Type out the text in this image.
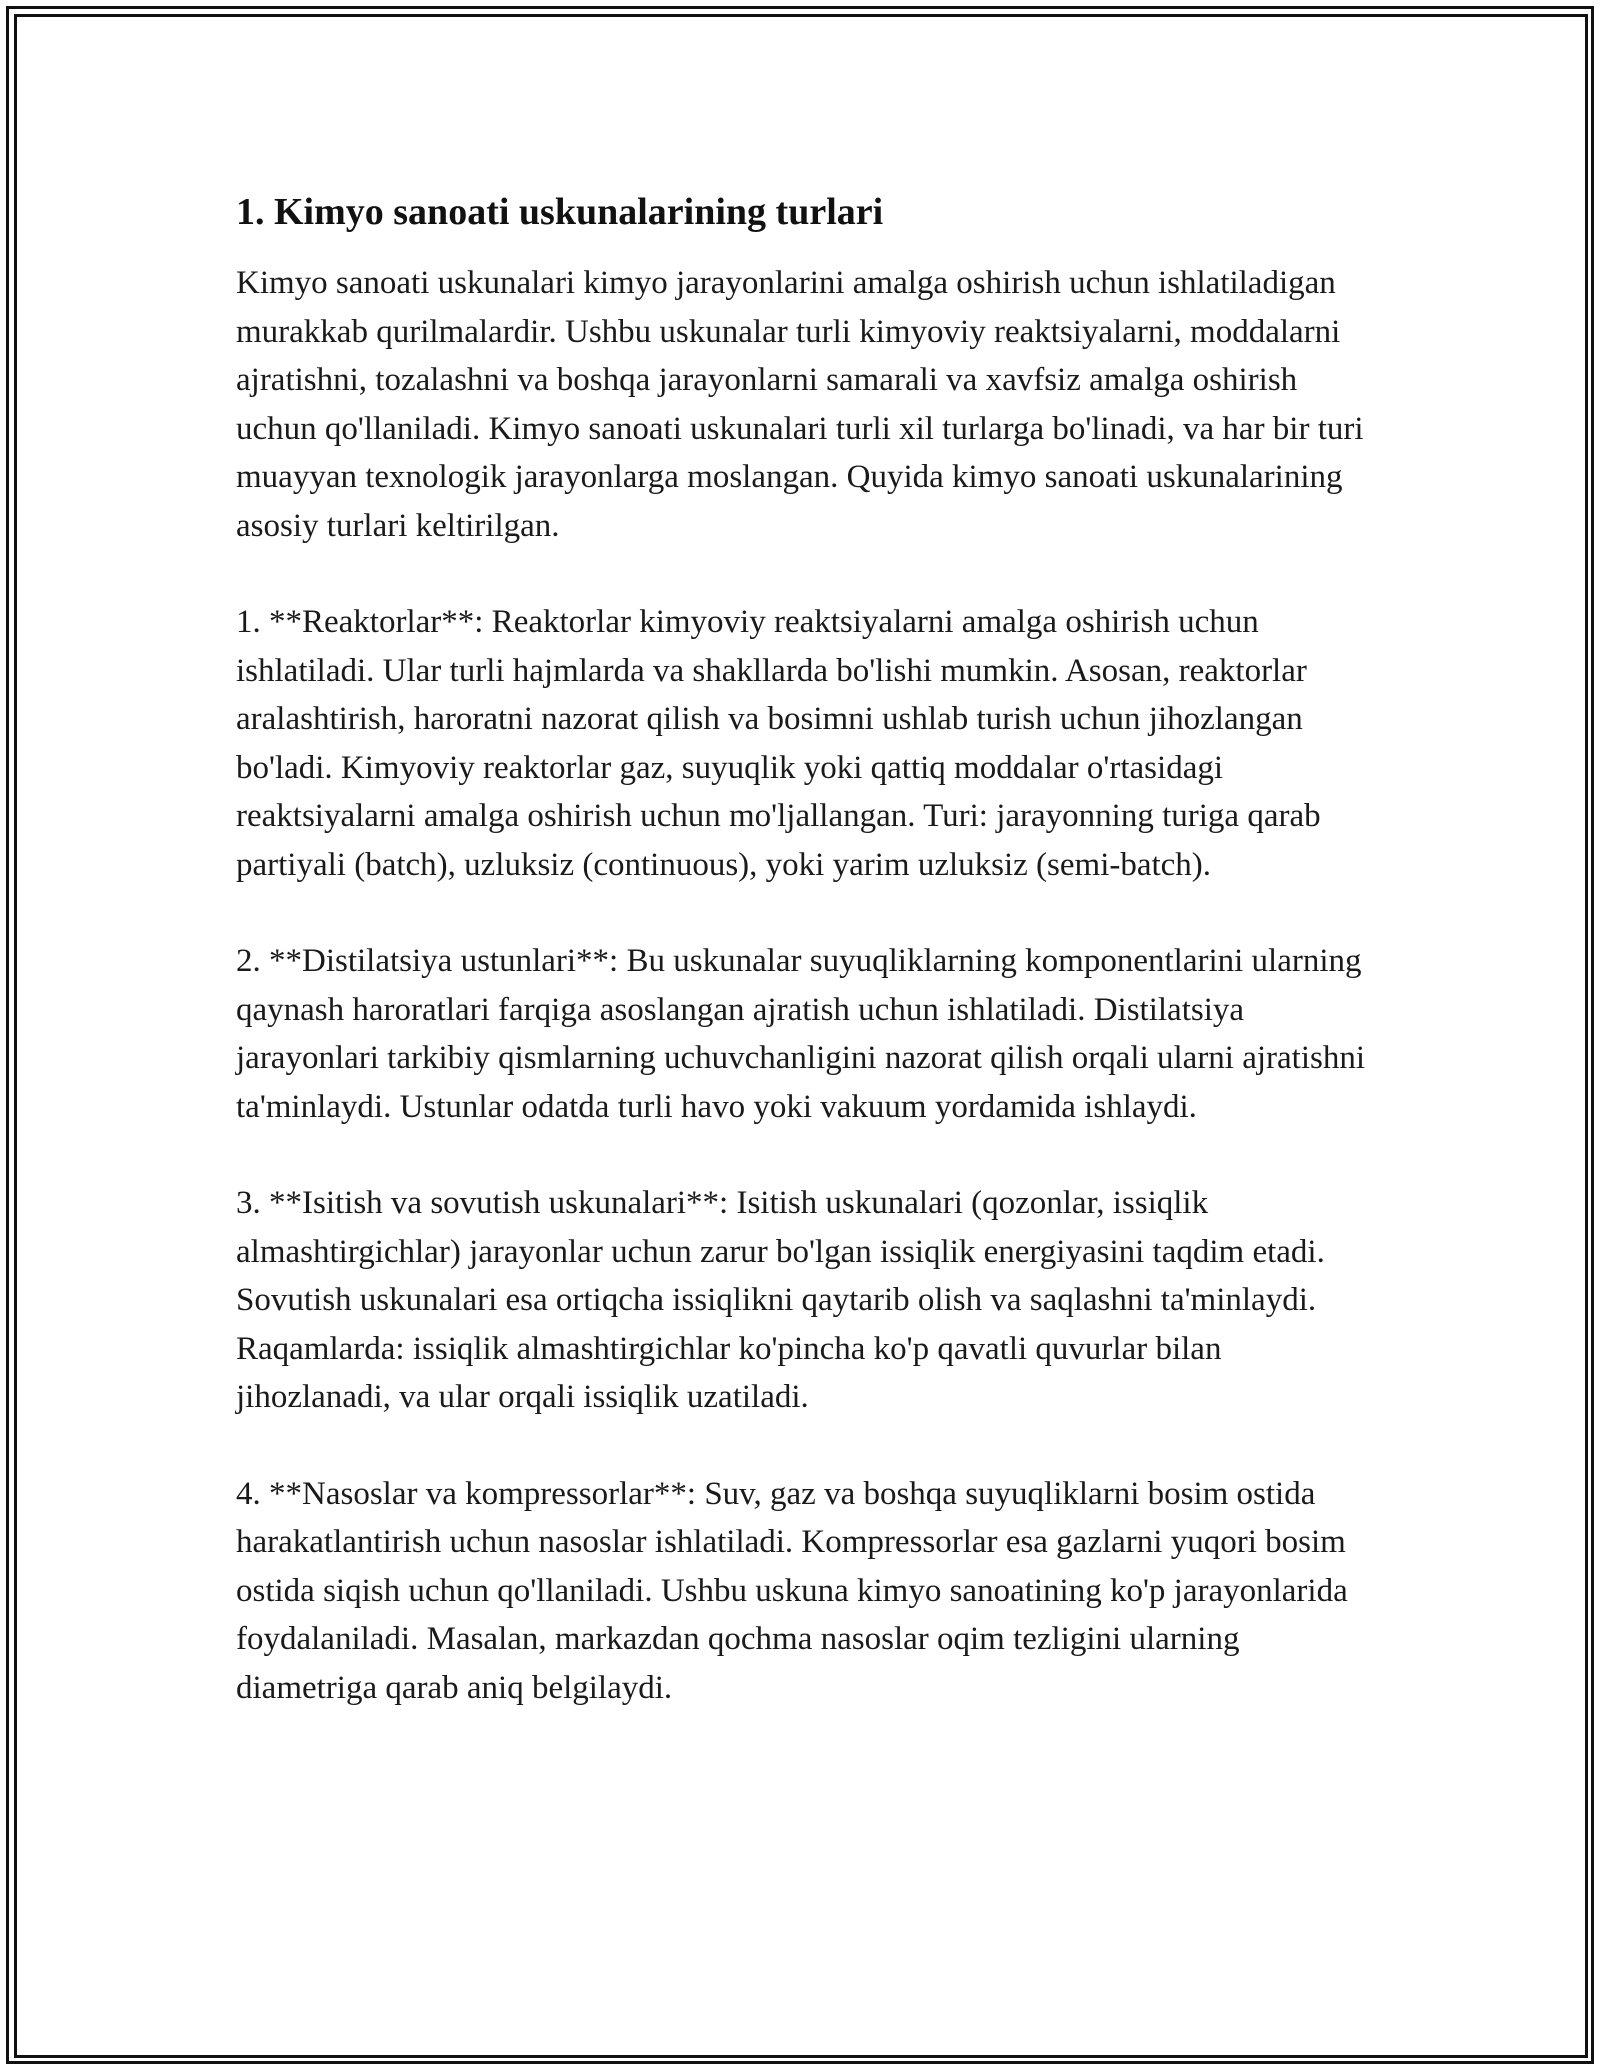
1. Kimyo sanoati uskunalarining turlari

Kimyo sanoati uskunalari kimyo jarayonlarini amalga oshirish uchun ishlatiladigan murakkab qurilmalardir. Ushbu uskunalar turli kimyoviy reaktsiyalarni, moddalarni ajratishni, tozalashni va boshqa jarayonlarni samarali va xavfsiz amalga oshirish uchun qo'llaniladi. Kimyo sanoati uskunalari turli xil turlarga bo'linadi, va har bir turi muayyan texnologik jarayonlarga moslangan. Quyida kimyo sanoati uskunalarining asosiy turlari keltirilgan.

1. **Reaktorlar**: Reaktorlar kimyoviy reaktsiyalarni amalga oshirish uchun ishlatiladi. Ular turli hajmlarda va shakllarda bo'lishi mumkin. Asosan, reaktorlar aralashtirish, haroratni nazorat qilish va bosimni ushlab turish uchun jihozlangan bo'ladi. Kimyoviy reaktorlar gaz, suyuqlik yoki qattiq moddalar o'rtasidagi reaktsiyalarni amalga oshirish uchun mo'ljallangan. Turi: jarayonning turiga qarab partiyali (batch), uzluksiz (continuous), yoki yarim uzluksiz (semi-batch).

2. **Distilatsiya ustunlari**: Bu uskunalar suyuqliklarning komponentlarini ularning qaynash haroratlari farqiga asoslangan ajratish uchun ishlatiladi. Distilatsiya jarayonlari tarkibiy qismlarning uchuvchanligini nazorat qilish orqali ularni ajratishni ta'minlaydi. Ustunlar odatda turli havo yoki vakuum yordamida ishlaydi.

3. **Isitish va sovutish uskunalari**: Isitish uskunalari (qozonlar, issiqlik almashtirgichlar) jarayonlar uchun zarur bo'lgan issiqlik energiyasini taqdim etadi. Sovutish uskunalari esa ortiqcha issiqlikni qaytarib olish va saqlashni ta'minlaydi. Raqamlarda: issiqlik almashtirgichlar ko'pincha ko'p qavatli quvurlar bilan jihozlanadi, va ular orqali issiqlik uzatiladi.

4. **Nasoslar va kompressorlar**: Suv, gaz va boshqa suyuqliklarni bosim ostida harakatlantirish uchun nasoslar ishlatiladi. Kompressorlar esa gazlarni yuqori bosim ostida siqish uchun qo'llaniladi. Ushbu uskuna kimyo sanoatining ko'p jarayonlarida foydalaniladi. Masalan, markazdan qochma nasoslar oqim tezligini ularning diametriga qarab aniq belgilaydi.
